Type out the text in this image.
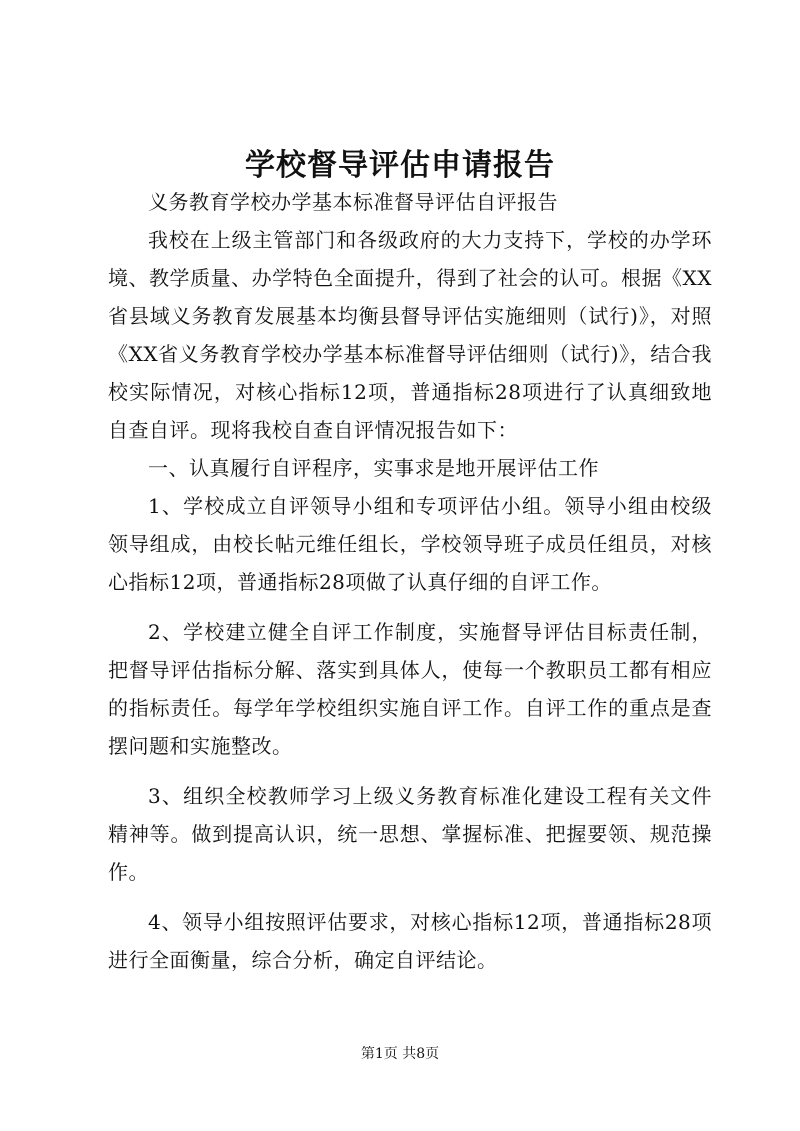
学校督导评估申请报告

义务教育学校办学基本标准督导评估自评报告

我校在上级主管部门和各级政府的大力支持下，学校的办学环境、教学质量、办学特色全面提升，得到了社会的认可。根据《XX省县域义务教育发展基本均衡县督导评估实施细则（试行)》，对照《XX省义务教育学校办学基本标准督导评估细则（试行)》，结合我校实际情况，对核心指标12项，普通指标28项进行了认真细致地自查自评。现将我校自查自评情况报告如下：

一、认真履行自评程序，实事求是地开展评估工作

1、学校成立自评领导小组和专项评估小组。领导小组由校级领导组成，由校长帖元维任组长，学校领导班子成员任组员，对核心指标12项，普通指标28项做了认真仔细的自评工作。

2、学校建立健全自评工作制度，实施督导评估目标责任制，把督导评估指标分解、落实到具体人，使每一个教职员工都有相应的指标责任。每学年学校组织实施自评工作。自评工作的重点是查摆问题和实施整改。

3、组织全校教师学习上级义务教育标准化建设工程有关文件精神等。做到提高认识，统一思想、掌握标准、把握要领、规范操作。

4、领导小组按照评估要求，对核心指标12项，普通指标28项进行全面衡量，综合分析，确定自评结论。

第1页 共8页
